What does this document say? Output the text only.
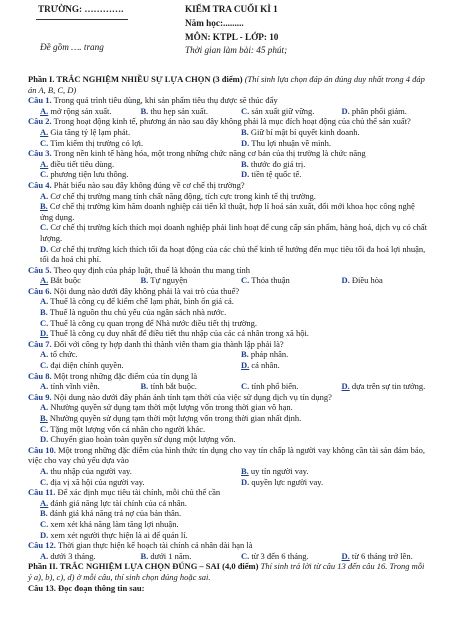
TRƯỜNG: ………….
Đề gồm …. trang
KIỂM TRA CUỐI KÌ 1
Năm học:.........
MÔN: KTPL - LỚP: 10
Thời gian làm bài: 45 phút;

Phần I. TRẮC NGHIỆM NHIỀU SỰ LỰA CHỌN (3 điểm) (Thí sinh lựa chọn đáp án đúng duy nhất trong 4 đáp án A, B, C, D)

Câu 1. Trong quá trình tiêu dùng, khi sản phẩm tiêu thụ được sẽ thúc đẩy

A. mở rộng sản xuất.	B. thu hẹp sản xuất.	C. sản xuất giữ vững.	D. phân phối giảm.

Câu 2. Trong hoạt động kinh tế, phương án nào sau đây không phải là mục đích hoạt động của chủ thể sản xuất?

A. Gia tăng tỷ lệ lạm phát.	B. Giữ bí mật bí quyết kinh doanh.

C. Tìm kiếm thị trường có lợi.	D. Thu lợi nhuận về mình.

Câu 3. Trong nền kinh tế hàng hóa, một trong những chức năng cơ bản của thị trường là chức năng

A. điều tiết tiêu dùng.	B. thước đo giá trị.

C. phương tiện lưu thông.	D. tiền tệ quốc tế.

Câu 4. Phát biểu nào sau đây không đúng về cơ chế thị trường?

A. Cơ chế thị trường mang tính chất năng động, tích cực trong kinh tế thị trường.

B. Cơ chế thị trường kìm hãm doanh nghiệp cải tiến kĩ thuật, hợp lí hoá sản xuất, đổi mới khoa học công nghệ ứng dụng.

C. Cơ chế thị trường kích thích mọi doanh nghiệp phải linh hoạt để cung cấp sản phẩm, hàng hoá, dịch vụ có chất lượng.

D. Cơ chế thị trường kích thích tối đa hoạt động của các chủ thể kinh tế hướng đến mục tiêu tối đa hoá lợi nhuận, tối đa hoá chi phí.

Câu 5. Theo quy định của pháp luật, thuế là khoản thu mang tính

A. Bắt buộc	B. Tự nguyện	C. Thỏa thuận	D. Điều hòa

Câu 6. Nội dung nào dưới đây không phải là vai trò của thuế?

A. Thuế là công cụ để kiểm chế lạm phát, bình ổn giá cả.

B. Thuế là nguồn thu chủ yếu của ngân sách nhà nước.

C. Thuế là công cụ quan trọng để Nhà nước điều tiết thị trường.

D. Thuế là công cụ duy nhất để điều tiết thu nhập của các cá nhân trong xã hội.

Câu 7. Đối với công ty hợp danh thì thành viên tham gia thành lập phải là?

A. tổ chức.	B. pháp nhân.

C. đại diện chính quyền.	D. cá nhân.

Câu 8. Một trong những đặc điểm của tín dụng là

A. tính vĩnh viễn.	B. tính bắt buộc.	C. tính phổ biến.	D. dựa trên sự tin tưởng.

Câu 9. Nội dung nào dưới đây phản ánh tính tạm thời của việc sử dụng dịch vụ tín dụng?

A. Nhường quyền sử dụng tạm thời một lượng vốn trong thời gian vô hạn.

B. Nhường quyền sử dụng tạm thời một lượng vốn trong thời gian nhất định.

C. Tặng một lượng vốn cá nhân cho người khác.

D. Chuyển giao hoàn toàn quyền sử dụng một lượng vốn.

Câu 10. Một trong những đặc điểm của hình thức tín dụng cho vay tín chấp là người vay không cần tài sản đảm bảo, việc cho vay chủ yếu dựa vào

A. thu nhập của người vay.	B. uy tín người vay.

C. địa vị xã hội của người vay.	D. quyền lực người vay.

Câu 11. Để xác định mục tiêu tài chính, mỗi chủ thể cần

A. đánh giá năng lực tài chính của cá nhân.

B. đánh giá khả năng trả nợ của bản thân.

C. xem xét khả năng làm tăng lợi nhuận.

D. xem xét người thực hiện là ai để quản lí.

Câu 12. Thời gian thực hiện kế hoạch tài chính cá nhân dài hạn là

A. dưới 3 tháng.	B. dưới 1 năm.	C. từ 3 đến 6 tháng.	D. từ 6 tháng trở lên.

Phần II. TRẮC NGHIỆM LỰA CHỌN ĐÚNG – SAI (4,0 điểm) Thí sinh trả lời từ câu 13 đến câu 16. Trong mỗi ý a), b), c), d) ở mỗi câu, thí sinh chọn đúng hoặc sai.

Câu 13. Đọc đoạn thông tin sau:
